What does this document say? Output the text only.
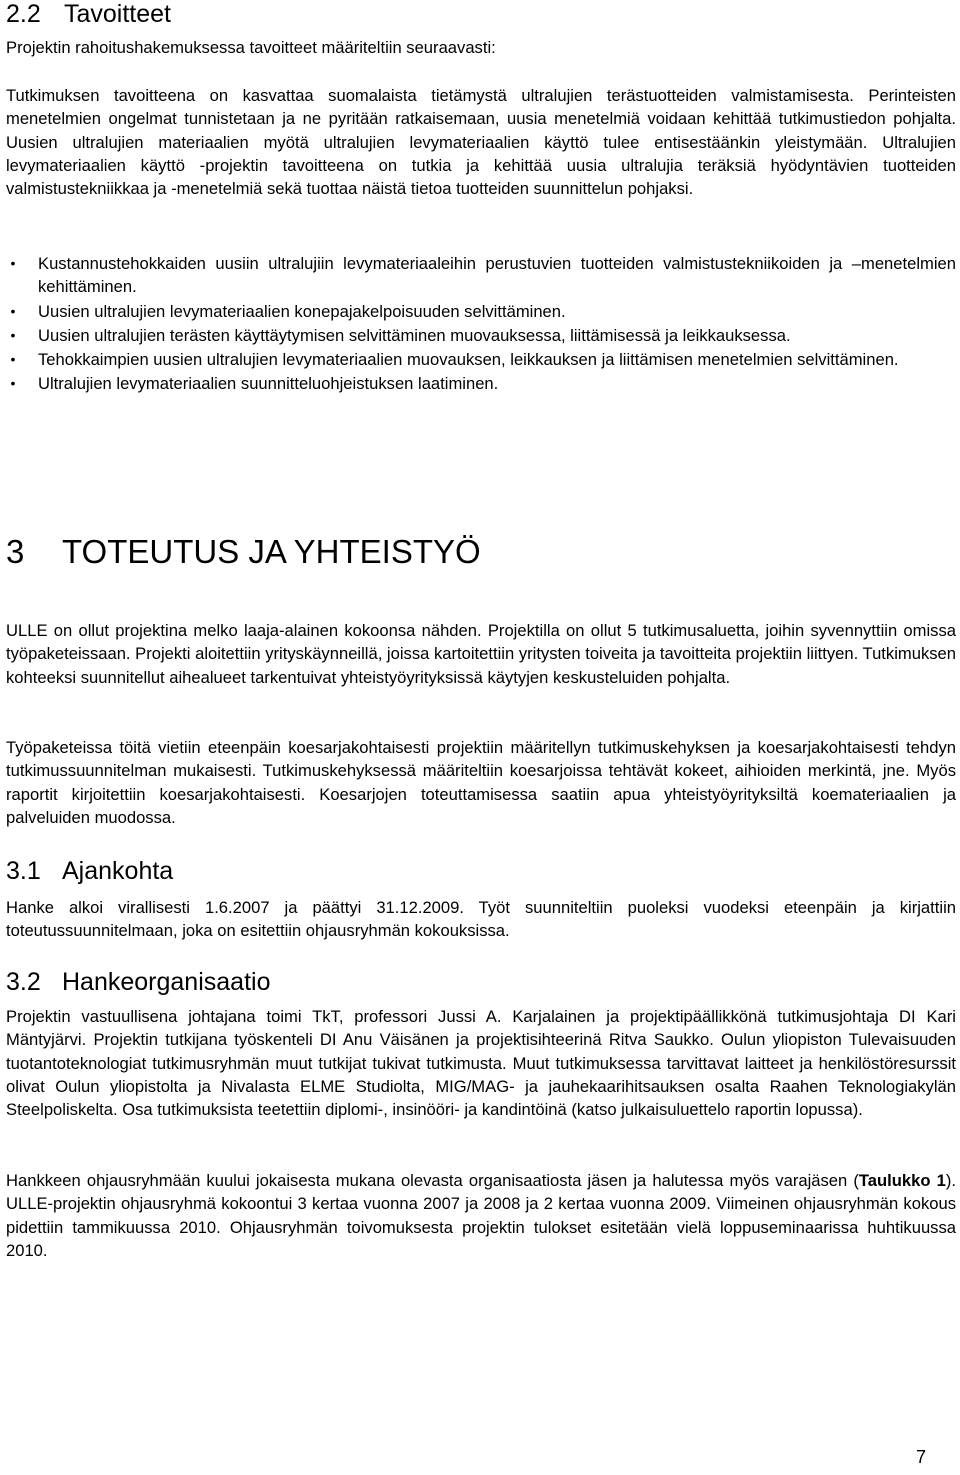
2.2 Tavoitteet

Projektin rahoitushakemuksessa tavoitteet määriteltiin seuraavasti:

Tutkimuksen tavoitteena on kasvattaa suomalaista tietämystä ultralujien terästuotteiden valmistamisesta. Perinteisten menetelmien ongelmat tunnistetaan ja ne pyritään ratkaisemaan, uusia menetelmiä voidaan kehittää tutkimustiedon pohjalta. Uusien ultralujien materiaalien myötä ultralujien levymateriaalien käyttö tulee entisestäänkin yleistymään. Ultralujien levymateriaalien käyttö -projektin tavoitteena on tutkia ja kehittää uusia ultralujia teräksiä hyödyntävien tuotteiden valmistustekniikkaa ja -menetelmiä sekä tuottaa näistä tietoa tuotteiden suunnittelun pohjaksi.

• Kustannustehokkaiden uusiin ultralujiin levymateriaaleihin perustuvien tuotteiden valmistustekniikoiden ja –menetelmien kehittäminen.
• Uusien ultralujien levymateriaalien konepajakelpoisuuden selvittäminen.
• Uusien ultralujien terästen käyttäytymisen selvittäminen muovauksessa, liittämisessä ja leikkauksessa.
• Tehokkaimpien uusien ultralujien levymateriaalien muovauksen, leikkauksen ja liittämisen menetelmien selvittäminen.
• Ultralujien levymateriaalien suunnitteluohjeistuksen laatiminen.
3 TOTEUTUS JA YHTEISTYÖ

ULLE on ollut projektina melko laaja-alainen kokoonsa nähden. Projektilla on ollut 5 tutkimusaluetta, joihin syvennyttiin omissa työpaketeissaan. Projekti aloitettiin yrityskäynneillä, joissa kartoitettiin yritysten toiveita ja tavoitteita projektiin liittyen. Tutkimuksen kohteeksi suunnitellut aihealueet tarkentuivat yhteistyöyrityksissä käytyjen keskusteluiden pohjalta.

Työpaketeissa töitä vietiin eteenpäin koesarjakohtaisesti projektiin määritellyn tutkimuskehyksen ja koesarjakohtaisesti tehdyn tutkimussuunnitelman mukaisesti. Tutkimuskehyksessä määriteltiin koesarjoissa tehtävät kokeet, aihioiden merkintä, jne. Myös raportit kirjoitettiin koesarjakohtaisesti. Koesarjojen toteuttamisessa saatiin apua yhteistyöyrityksiltä koemateriaalien ja palveluiden muodossa.

3.1 Ajankohta

Hanke alkoi virallisesti 1.6.2007 ja päättyi 31.12.2009. Työt suunniteltiin puoleksi vuodeksi eteenpäin ja kirjattiin toteutussuunnitelmaan, joka on esitettiin ohjausryhmän kokouksissa.

3.2 Hankeorganisaatio

Projektin vastuullisena johtajana toimi TkT, professori Jussi A. Karjalainen ja projektipäällikkönä tutkimusjohtaja DI Kari Mäntyjärvi. Projektin tutkijana työskenteli DI Anu Väisänen ja projektisihteerinä Ritva Saukko. Oulun yliopiston Tulevaisuuden tuotantoteknologiat tutkimusryhmän muut tutkijat tukivat tutkimusta. Muut tutkimuksessa tarvittavat laitteet ja henkilöstöresurssit olivat Oulun yliopistolta ja Nivalasta ELME Studiolta, MIG/MAG- ja jauhekaarihitsauksen osalta Raahen Teknologiakylän Steelpoliskelta. Osa tutkimuksista teetettiin diplomi-, insinööri- ja kandintöinä (katso julkaisuluettelo raportin lopussa).

Hankkeen ohjausryhmään kuului jokaisesta mukana olevasta organisaatiosta jäsen ja halutessa myös varajäsen (Taulukko 1). ULLE-projektin ohjausryhmä kokoontui 3 kertaa vuonna 2007 ja 2008 ja 2 kertaa vuonna 2009. Viimeinen ohjausryhmän kokous pidettiin tammikuussa 2010. Ohjausryhmän toivomuksesta projektin tulokset esitetään vielä loppuseminaarissa huhtikuussa 2010.

7
